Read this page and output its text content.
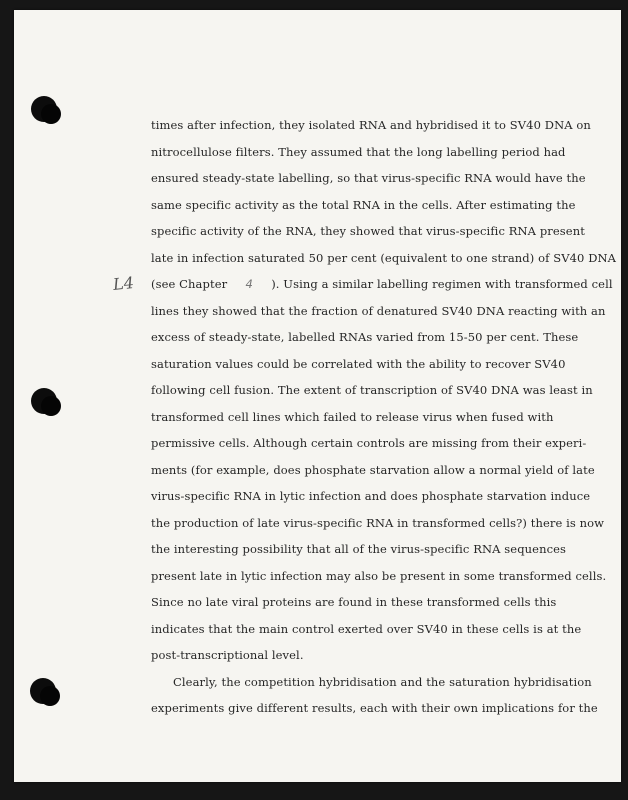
L4
times after infection, they isolated RNA and hybridised it to SV40 DNA on
nitrocellulose filters. They assumed that the long labelling period had
ensured steady-state labelling, so that virus-specific RNA would have the
same specific activity as the total RNA in the cells. After estimating the
specific activity of the RNA, they showed that virus-specific RNA present
late in infection saturated 50 per cent (equivalent to one strand) of SV40 DNA
(see Chapter 4 ). Using a similar labelling regimen with transformed cell
lines they showed that the fraction of denatured SV40 DNA reacting with an
excess of steady-state, labelled RNAs varied from 15-50 per cent. These
saturation values could be correlated with the ability to recover SV40
following cell fusion. The extent of transcription of SV40 DNA was least in
transformed cell lines which failed to release virus when fused with
permissive cells. Although certain controls are missing from their experi-
ments (for example, does phosphate starvation allow a normal yield of late
virus-specific RNA in lytic infection and does phosphate starvation induce
the production of late virus-specific RNA in transformed cells?) there is now
the interesting possibility that all of the virus-specific RNA sequences
present late in lytic infection may also be present in some transformed cells.
Since no late viral proteins are found in these transformed cells this
indicates that the main control exerted over SV40 in these cells is at the
post-transcriptional level.
Clearly, the competition hybridisation and the saturation hybridisation
experiments give different results, each with their own implications for the
